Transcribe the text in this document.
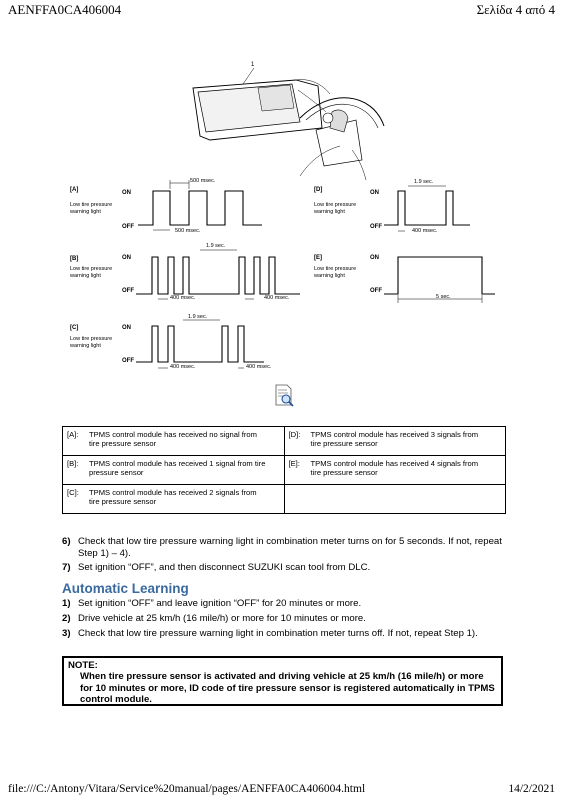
AENFFA0CA406004	Σελίδα 4 από 4
1
[A]	ON
OFF
Low tire pressure
warning light
500 msec.
500 msec.
[B]	ON
OFF
Low tire pressure
warning light
1.9 sec.
400 msec.	400 msec.
[C]	ON
OFF
Low tire pressure
warning light
1.9 sec.
400 msec.	400 msec.
[D]	ON
OFF
Low tire pressure
warning light
1.9 sec.
400 msec.
[E]	ON
OFF
Low tire pressure
warning light
5 sec.
[A]: TPMS control module has received no signal from tire pressure sensor	[D]: TPMS control module has received 3 signals from tire pressure sensor
[B]: TPMS control module has received 1 signal from tire pressure sensor	[E]: TPMS control module has received 4 signals from tire pressure sensor
[C]: TPMS control module has received 2 signals from tire pressure sensor	
6) Check that low tire pressure warning light in combination meter turns on for 5 seconds. If not, repeat Step 1) – 4).
7) Set ignition “OFF”, and then disconnect SUZUKI scan tool from DLC.
Automatic Learning
1) Set ignition “OFF” and leave ignition “OFF” for 20 minutes or more.
2) Drive vehicle at 25 km/h (16 mile/h) or more for 10 minutes or more.
3) Check that low tire pressure warning light in combination meter turns off. If not, repeat Step 1).
NOTE:
When tire pressure sensor is activated and driving vehicle at 25 km/h (16 mile/h) or more for 10 minutes or more, ID code of tire pressure sensor is registered automatically in TPMS control module.
file:///C:/Antony/Vitara/Service%20manual/pages/AENFFA0CA406004.html	14/2/2021
